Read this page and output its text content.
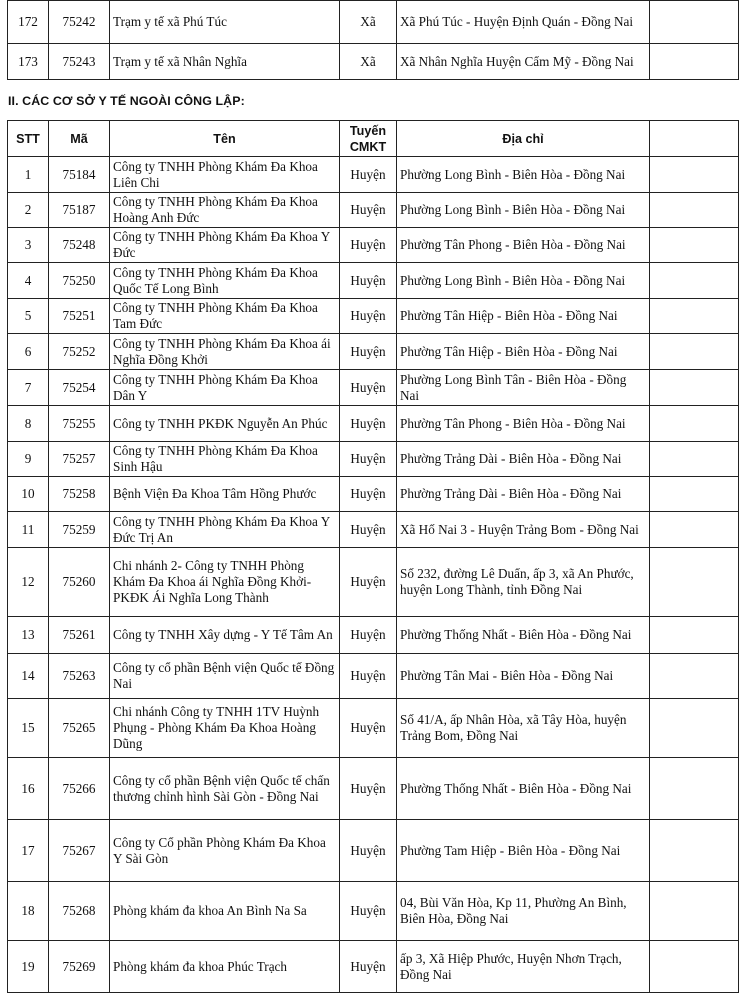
172	75242	Trạm y tế xã Phú Túc	Xã	Xã Phú Túc - Huyện Định Quán - Đồng Nai	
173	75243	Trạm y tế xã Nhân Nghĩa	Xã	Xã Nhân Nghĩa Huyện Cẩm Mỹ - Đồng Nai	
II. CÁC CƠ SỞ Y TẾ NGOÀI CÔNG LẬP:
STT	Mã	Tên	Tuyến CMKT	Địa chỉ	
1	75184	Công ty TNHH Phòng Khám Đa Khoa Liên Chi	Huyện	Phường Long Bình - Biên Hòa - Đồng Nai	
2	75187	Công ty TNHH Phòng Khám Đa Khoa Hoàng Anh Đức	Huyện	Phường Long Bình - Biên Hòa - Đồng Nai	
3	75248	Công ty TNHH Phòng Khám Đa Khoa Y Đức	Huyện	Phường Tân Phong - Biên Hòa - Đồng Nai	
4	75250	Công ty TNHH Phòng Khám Đa Khoa Quốc Tế Long Bình	Huyện	Phường Long Bình - Biên Hòa - Đồng Nai	
5	75251	Công ty TNHH Phòng Khám Đa Khoa Tam Đức	Huyện	Phường Tân Hiệp - Biên Hòa - Đồng Nai	
6	75252	Công ty TNHH Phòng Khám Đa Khoa ái Nghĩa Đồng Khởi	Huyện	Phường Tân Hiệp - Biên Hòa - Đồng Nai	
7	75254	Công ty TNHH Phòng Khám Đa Khoa Dân Y	Huyện	Phường Long Bình Tân - Biên Hòa - Đồng Nai	
8	75255	Công ty TNHH PKĐK Nguyễn An Phúc	Huyện	Phường Tân Phong - Biên Hòa - Đồng Nai	
9	75257	Công ty TNHH Phòng Khám Đa Khoa Sinh Hậu	Huyện	Phường Trảng Dài - Biên Hòa - Đồng Nai	
10	75258	Bệnh Viện Đa Khoa Tâm Hồng Phước	Huyện	Phường Trảng Dài - Biên Hòa - Đồng Nai	
11	75259	Công ty TNHH Phòng Khám Đa Khoa Y Đức Trị An	Huyện	Xã Hố Nai 3 - Huyện Trảng Bom - Đồng Nai	
12	75260	Chi nhánh 2- Công ty TNHH Phòng Khám Đa Khoa ái Nghĩa Đồng Khởi- PKĐK Ái Nghĩa Long Thành	Huyện	Số 232, đường Lê Duẩn, ấp 3, xã An Phước, huyện Long Thành, tỉnh Đồng Nai	
13	75261	Công ty TNHH Xây dựng - Y Tế Tâm An	Huyện	Phường Thống Nhất - Biên Hòa - Đồng Nai	
14	75263	Công ty cổ phần Bệnh viện Quốc tế Đồng Nai	Huyện	Phường Tân Mai - Biên Hòa - Đồng Nai	
15	75265	Chi nhánh Công ty TNHH 1TV Huỳnh Phụng - Phòng Khám Đa Khoa Hoàng Dũng	Huyện	Số 41/A, ấp Nhân Hòa, xã Tây Hòa, huyện Trảng Bom, Đồng Nai	
16	75266	Công ty cổ phần Bệnh viện Quốc tế chấn thương chỉnh hình Sài Gòn - Đồng Nai	Huyện	Phường Thống Nhất - Biên Hòa - Đồng Nai	
17	75267	Công ty Cổ phần Phòng Khám Đa Khoa Y Sài Gòn	Huyện	Phường Tam Hiệp - Biên Hòa - Đồng Nai	
18	75268	Phòng khám đa khoa An Bình Na Sa	Huyện	04, Bùi Văn Hòa, Kp 11, Phường An Bình, Biên Hòa, Đồng Nai	
19	75269	Phòng khám đa khoa Phúc Trạch	Huyện	ấp 3, Xã Hiệp Phước, Huyện Nhơn Trạch, Đồng Nai	
